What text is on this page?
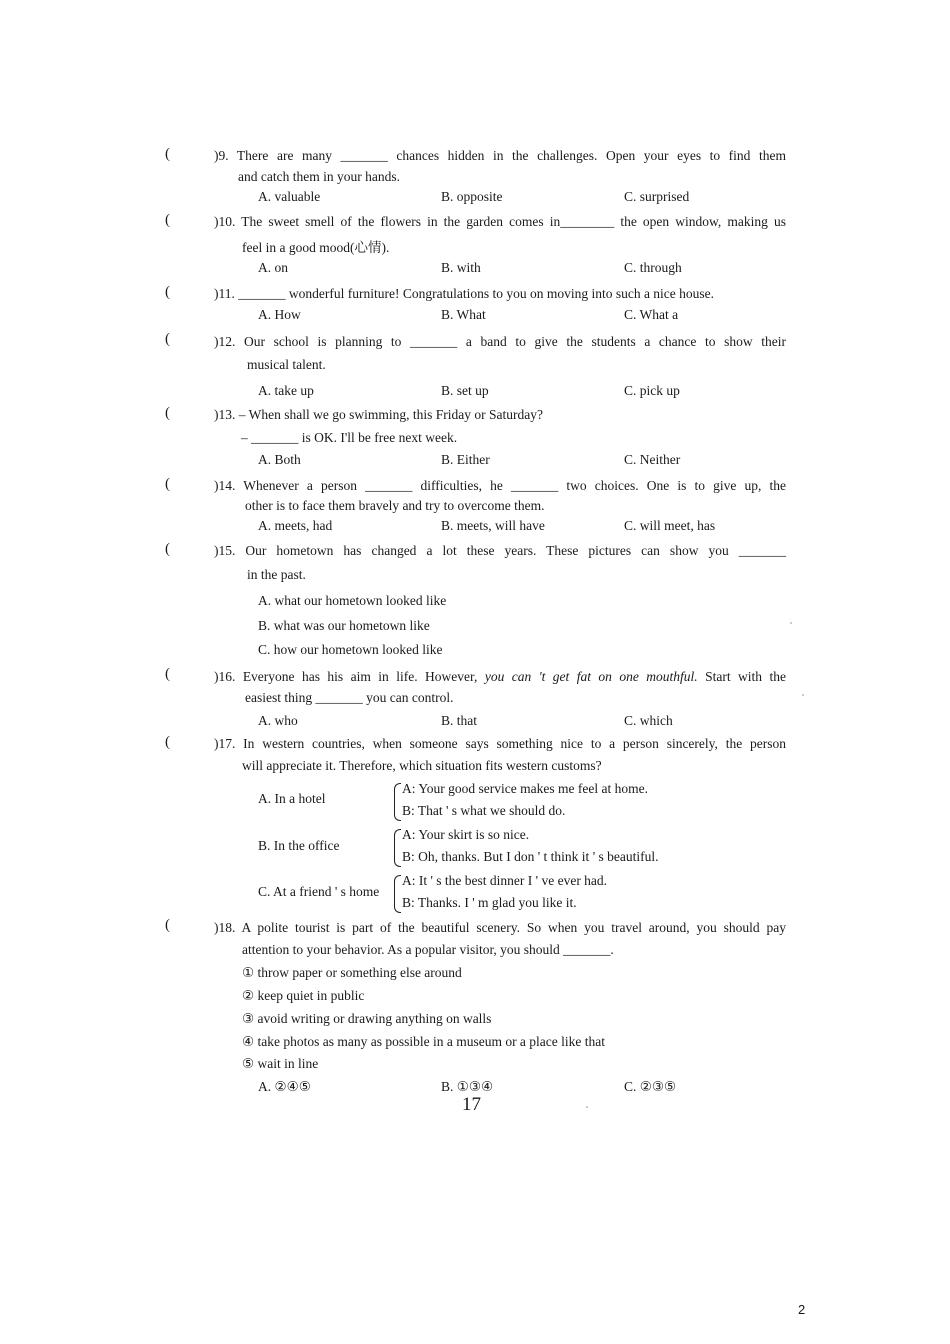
(	)9. There are many _______ chances hidden in the challenges. Open your eyes to find them
and catch them in your hands.
A. valuable	B. opposite	C. surprised
(	)10. The sweet smell of the flowers in the garden comes in________ the open window, making us
feel in a good mood(心情).
A. on	B. with	C. through
(	)11. _______ wonderful furniture! Congratulations to you on moving into such a nice house.
A. How	B. What	C. What a
(	)12. Our school is planning to _______ a band to give the students a chance to show their
musical talent.
A. take up	B. set up	C. pick up
(	)13. – When shall we go swimming, this Friday or Saturday?
– _______ is OK. I'll be free next week.
A. Both	B. Either	C. Neither
(	)14. Whenever a person _______ difficulties, he _______ two choices. One is to give up, the
other is to face them bravely and try to overcome them.
A. meets, had	B. meets, will have	C. will meet, has
(	)15. Our hometown has changed a lot these years. These pictures can show you _______
in the past.
A. what our hometown looked like
B. what was our hometown like
C. how our hometown looked like
(	)16. Everyone has his aim in life. However, you can 't get fat on one mouthful. Start with the
easiest thing _______ you can control.
A. who	B. that	C. which
(	)17. In western countries, when someone says something nice to a person sincerely, the person
will appreciate it. Therefore, which situation fits western customs?
A. In a hotel
A: Your good service makes me feel at home.
B: That ' s what we should do.
B. In the office
A: Your skirt is so nice.
B: Oh, thanks. But I don ' t think it ' s beautiful.
C. At a friend ' s home
A: It ' s the best dinner I ' ve ever had.
B: Thanks. I ' m glad you like it.
(	)18. A polite tourist is part of the beautiful scenery. So when you travel around, you should pay
attention to your behavior. As a popular visitor, you should _______.
① throw paper or something else around
② keep quiet in public
③ avoid writing or drawing anything on walls
④ take photos as many as possible in a museum or a place like that
⑤ wait in line
A. ②④⑤	B. ①③④	C. ②③⑤
17
2
